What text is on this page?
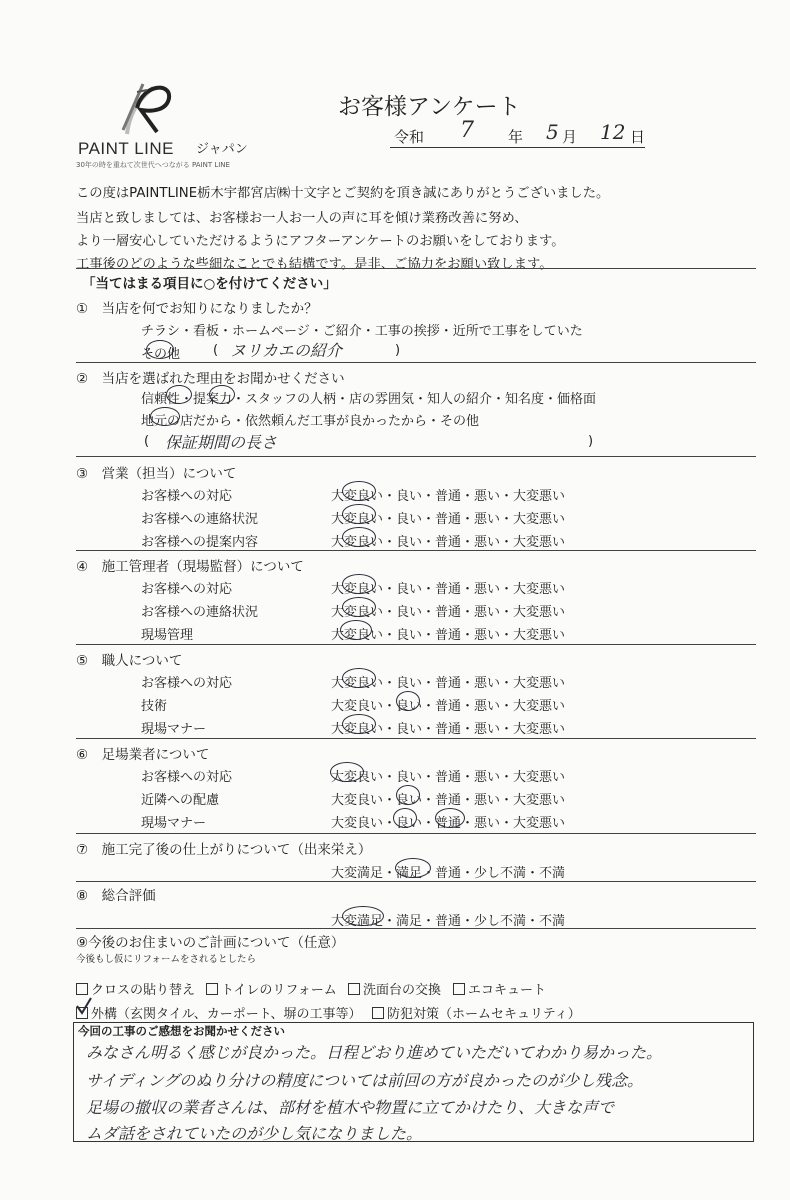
PAINT LINE ジャパン
30年の時を重ねて次世代へつながる PAINT LINE
お客様アンケート
令和 7 年 5 月 12 日
この度はPAINTLINE栃木宇都宮店㈱十文字とご契約を頂き誠にありがとうございました。
当店と致しましては、お客様お一人お一人の声に耳を傾け業務改善に努め、
より一層安心していただけるようにアフターアンケートのお願いをしております。
工事後のどのような些細なことでも結構です。是非、ご協力をお願い致します。
「当てはまる項目に○を付けてください」
①　当店を何でお知りになりましたか？
チラシ・看板・ホームページ・ご紹介・工事の挨拶・近所で工事をしていた
その他	( ヌリカエの紹介	)
②　当店を選ばれた理由をお聞かせください
信頼性・提案力・スタッフの人柄・店の雰囲気・知人の紹介・知名度・価格面
地元の店だから・依然頼んだ工事が良かったから・その他
( 保証期間の長さ	)
③　営業（担当）について
お客様への対応	大変良い・良い・普通・悪い・大変悪い
お客様への連絡状況	大変良い・良い・普通・悪い・大変悪い
お客様への提案内容	大変良い・良い・普通・悪い・大変悪い
④　施工管理者（現場監督）について
お客様への対応	大変良い・良い・普通・悪い・大変悪い
お客様への連絡状況	大変良い・良い・普通・悪い・大変悪い
現場管理	大変良い・良い・普通・悪い・大変悪い
⑤　職人について
お客様への対応	大変良い・良い・普通・悪い・大変悪い
技術	大変良い・良い・普通・悪い・大変悪い
現場マナー	大変良い・良い・普通・悪い・大変悪い
⑥　足場業者について
お客様への対応	大変良い・良い・普通・悪い・大変悪い
近隣への配慮	大変良い・良い・普通・悪い・大変悪い
現場マナー	大変良い・良い・普通・悪い・大変悪い
⑦　施工完了後の仕上がりについて（出来栄え）
大変満足・満足・普通・少し不満・不満
⑧　総合評価
大変満足・満足・普通・少し不満・不満
⑨今後のお住まいのご計画について（任意）
今後もし仮にリフォームをされるとしたら
クロスの貼り替え	トイレのリフォーム	洗面台の交換	エコキュート
外構（玄関タイル、カーポート、塀の工事等）	防犯対策（ホームセキュリティ）
今回の工事のご感想をお聞かせください
みなさん明るく感じが良かった。日程どおり進めていただいてわかり易かった。
サイディングのぬり分けの精度については前回の方が良かったのが少し残念。
足場の撤収の業者さんは、部材を植木や物置に立てかけたり、大きな声で
ムダ話をされていたのが少し気になりました。
